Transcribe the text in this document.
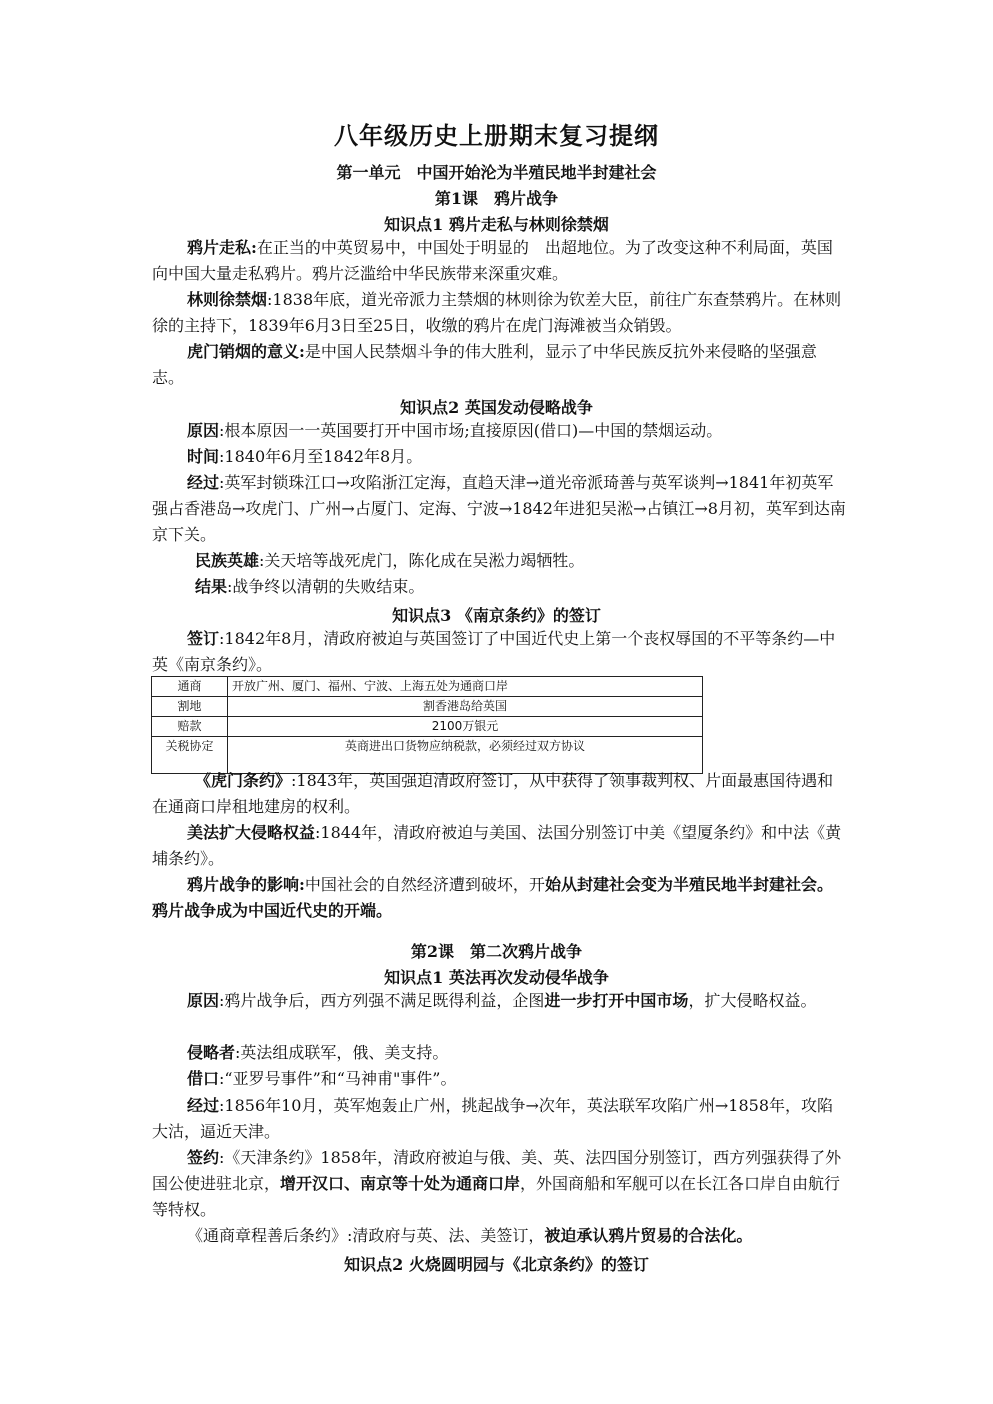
八年级历史上册期末复习提纲
第一单元　中国开始沦为半殖民地半封建社会
第1课　鸦片战争
知识点1 鸦片走私与林则徐禁烟

鸦片走私:在正当的中英贸易中，中国处于明显的　出超地位。为了改变这种不利局面，英国向中国大量走私鸦片。鸦片泛滥给中华民族带来深重灾难。

林则徐禁烟:1838年底，道光帝派力主禁烟的林则徐为钦差大臣，前往广东查禁鸦片。在林则徐的主持下，1839年6月3日至25日，收缴的鸦片在虎门海滩被当众销毁。

虎门销烟的意义:是中国人民禁烟斗争的伟大胜利，显示了中华民族反抗外来侵略的坚强意志。

知识点2 英国发动侵略战争

原因:根本原因一一英国要打开中国市场;直接原因(借口)—中国的禁烟运动。

时间:1840年6月至1842年8月。

经过:英军封锁珠江口→攻陷浙江定海，直趋天津→道光帝派琦善与英军谈判→1841年初英军强占香港岛→攻虎门、广州→占厦门、定海、宁波→1842年进犯吴淞→占镇江→8月初，英军到达南京下关。

民族英雄:关天培等战死虎门，陈化成在吴淞力竭牺牲。

结果:战争终以清朝的失败结束。

知识点3 《南京条约》的签订

签订:1842年8月，清政府被迫与英国签订了中国近代史上第一个丧权辱国的不平等条约—中英《南京条约》。

通商	开放广州、厦门、福州、宁波、上海五处为通商口岸
割地	割香港岛给英国
赔款	2100万银元
关税协定	英商进出口货物应纳税款，必须经过双方协议

《虎门条约》:1843年，英国强迫清政府签订，从中获得了领事裁判权、片面最惠国待遇和在通商口岸租地建房的权利。

美法扩大侵略权益:1844年，清政府被迫与美国、法国分别签订中美《望厦条约》和中法《黄埔条约》。

鸦片战争的影响:中国社会的自然经济遭到破坏，开始从封建社会变为半殖民地半封建社会。鸦片战争成为中国近代史的开端。

第2课　第二次鸦片战争
知识点1 英法再次发动侵华战争

原因:鸦片战争后，西方列强不满足既得利益，企图进一步打开中国市场，扩大侵略权益。

侵略者:英法组成联军，俄、美支持。

借口:“亚罗号事件”和“马神甫"事件”。

经过:1856年10月，英军炮轰止广州，挑起战争→次年，英法联军攻陷广州→1858年，攻陷大沽，逼近天津。

签约:《天津条约》1858年，清政府被迫与俄、美、英、法四国分别签订，西方列强获得了外国公使进驻北京，增开汉口、南京等十处为通商口岸，外国商船和军舰可以在长江各口岸自由航行等特权。

《通商章程善后条约》:清政府与英、法、美签订，被迫承认鸦片贸易的合法化。

知识点2 火烧圆明园与《北京条约》的签订
